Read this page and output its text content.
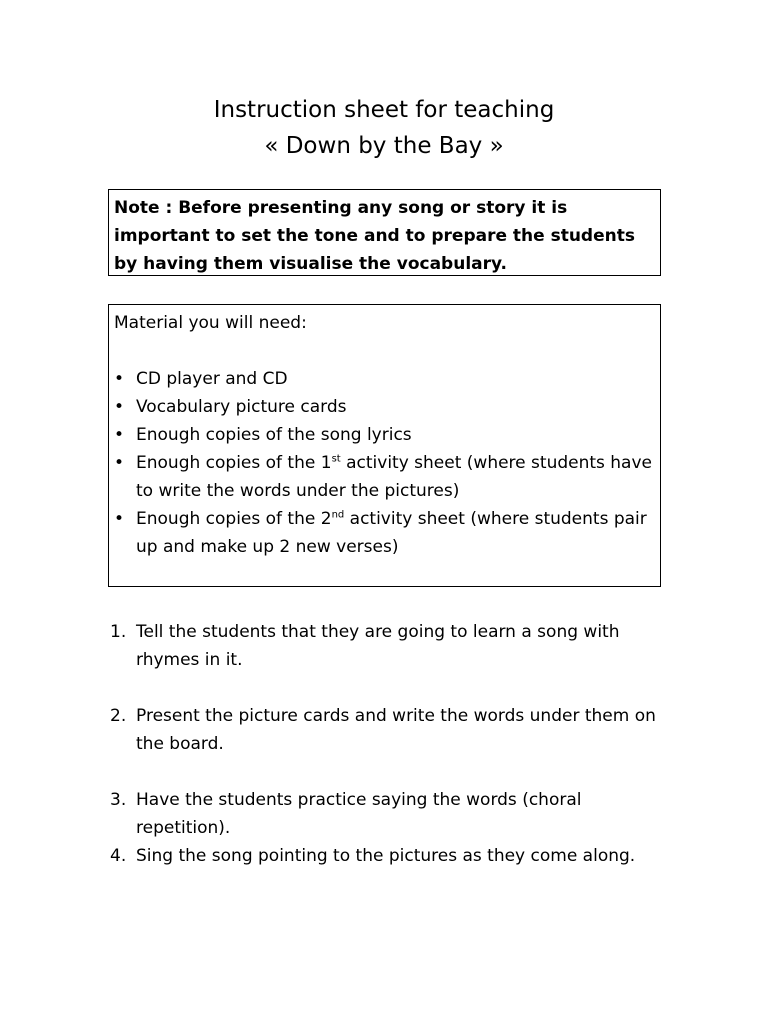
Instruction sheet for teaching
« Down by the Bay »
Note : Before presenting any song or story it is important to set the tone and to prepare the students by having them visualise the vocabulary.

Material you will need:

• CD player and CD
• Vocabulary picture cards
• Enough copies of the song lyrics
• Enough copies of the 1st activity sheet (where students have to write the words under the pictures)
• Enough copies of the 2nd activity sheet (where students pair up and make up 2 new verses)
1. Tell the students that they are going to learn a song with rhymes in it.
2. Present the picture cards and write the words under them on the board.
3. Have the students practice saying the words (choral repetition).
4. Sing the song pointing to the pictures as they come along.
